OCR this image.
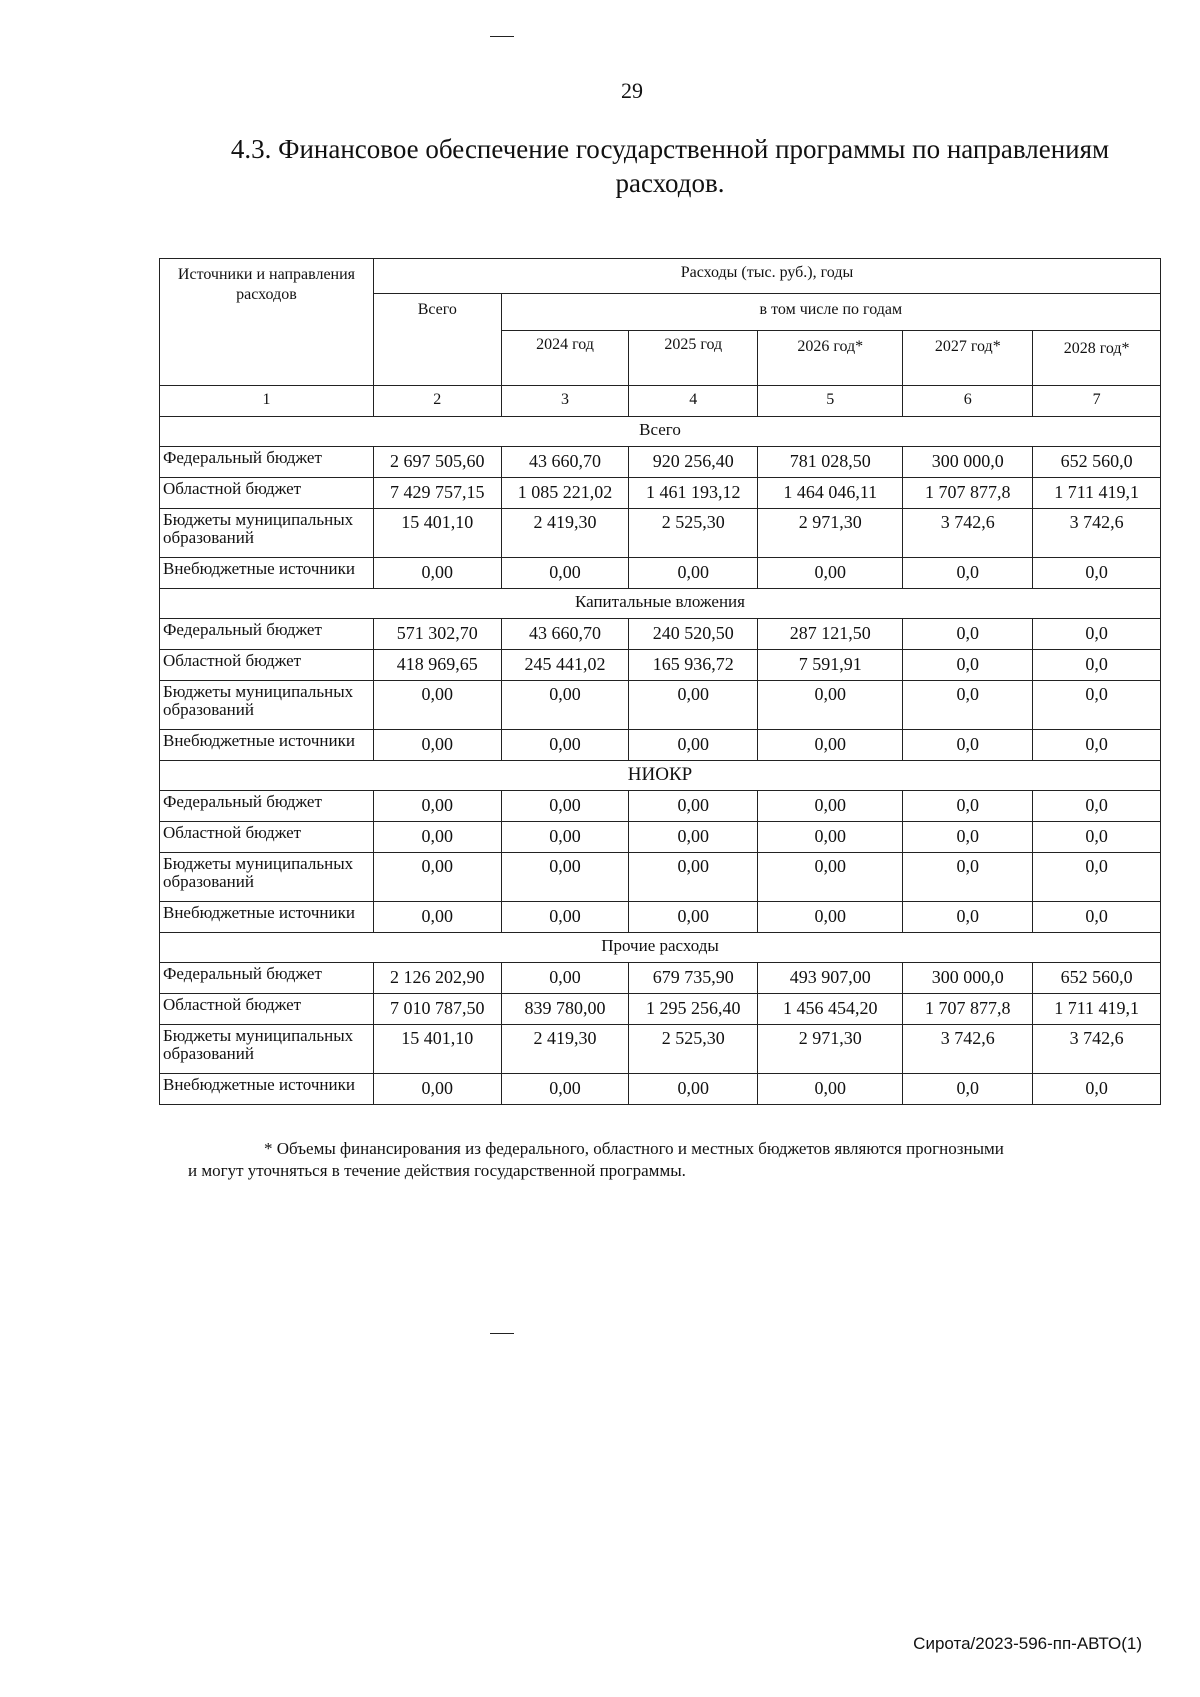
29
4.3. Финансовое обеспечение государственной программы по направлениям
расходов.
Источники и направления расходов	Расходы (тыс. руб.), годы					
	Всего	в том числе по годам				
		2024 год	2025 год	2026 год*	2027 год*	2028 год*
1	2	3	4	5	6	7
Всего						
Федеральный бюджет	2 697 505,60	43 660,70	920 256,40	781 028,50	300 000,0	652 560,0
Областной бюджет	7 429 757,15	1 085 221,02	1 461 193,12	1 464 046,11	1 707 877,8	1 711 419,1
Бюджеты муниципальных образований	15 401,10	2 419,30	2 525,30	2 971,30	3 742,6	3 742,6
Внебюджетные источники	0,00	0,00	0,00	0,00	0,0	0,0
Капитальные вложения						
Федеральный бюджет	571 302,70	43 660,70	240 520,50	287 121,50	0,0	0,0
Областной бюджет	418 969,65	245 441,02	165 936,72	7 591,91	0,0	0,0
Бюджеты муниципальных образований	0,00	0,00	0,00	0,00	0,0	0,0
Внебюджетные источники	0,00	0,00	0,00	0,00	0,0	0,0
НИОКР						
Федеральный бюджет	0,00	0,00	0,00	0,00	0,0	0,0
Областной бюджет	0,00	0,00	0,00	0,00	0,0	0,0
Бюджеты муниципальных образований	0,00	0,00	0,00	0,00	0,0	0,0
Внебюджетные источники	0,00	0,00	0,00	0,00	0,0	0,0
Прочие расходы						
Федеральный бюджет	2 126 202,90	0,00	679 735,90	493 907,00	300 000,0	652 560,0
Областной бюджет	7 010 787,50	839 780,00	1 295 256,40	1 456 454,20	1 707 877,8	1 711 419,1
Бюджеты муниципальных образований	15 401,10	2 419,30	2 525,30	2 971,30	3 742,6	3 742,6
Внебюджетные источники	0,00	0,00	0,00	0,00	0,0	0,0

* Объемы финансирования из федерального, областного и местных бюджетов являются прогнозными

и могут уточняться в течение действия государственной программы.

Сирота/2023-596-пп-АВТО(1)
